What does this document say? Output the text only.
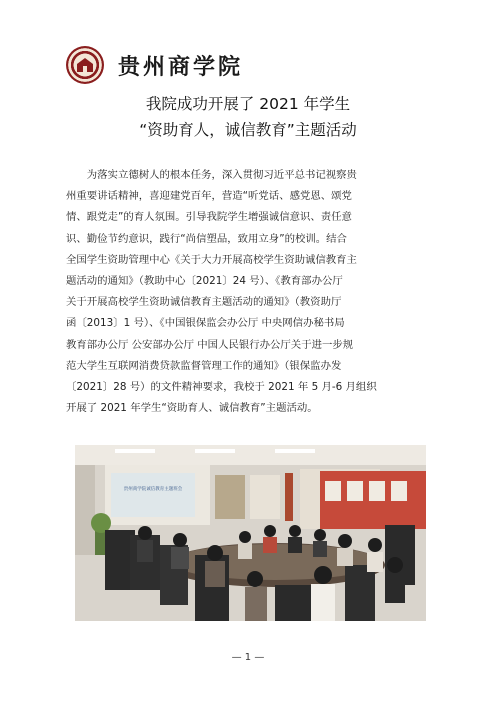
贵州商学院
我院成功开展了 2021 年学生
“资助育人，诚信教育”主题活动
　　为落实立德树人的根本任务，深入贯彻习近平总书记视察贵
州重要讲话精神，喜迎建党百年，营造“听党话、感党恩、颂党
情、跟党走”的育人氛围。引导我院学生增强诚信意识、责任意
识、勤俭节约意识，践行“尚信塑品，致用立身”的校训。结合
全国学生资助管理中心《关于大力开展高校学生资助诚信教育主
题活动的通知》（教助中心〔2021〕24 号）、《教育部办公厅
关于开展高校学生资助诚信教育主题活动的通知》（教资助厅
函〔2013〕1 号）、《中国银保监会办公厅 中央网信办秘书局
教育部办公厅 公安部办公厅 中国人民银行办公厅关于进一步规
范大学生互联网消费贷款监督管理工作的通知》（银保监办发
〔2021〕28 号）的文件精神要求，我校于 2021 年 5 月-6 月组织
开展了 2021 年学生“资助育人、诚信教育”主题活动。
贵州商学院诚信教育主题班会
— 1 —
